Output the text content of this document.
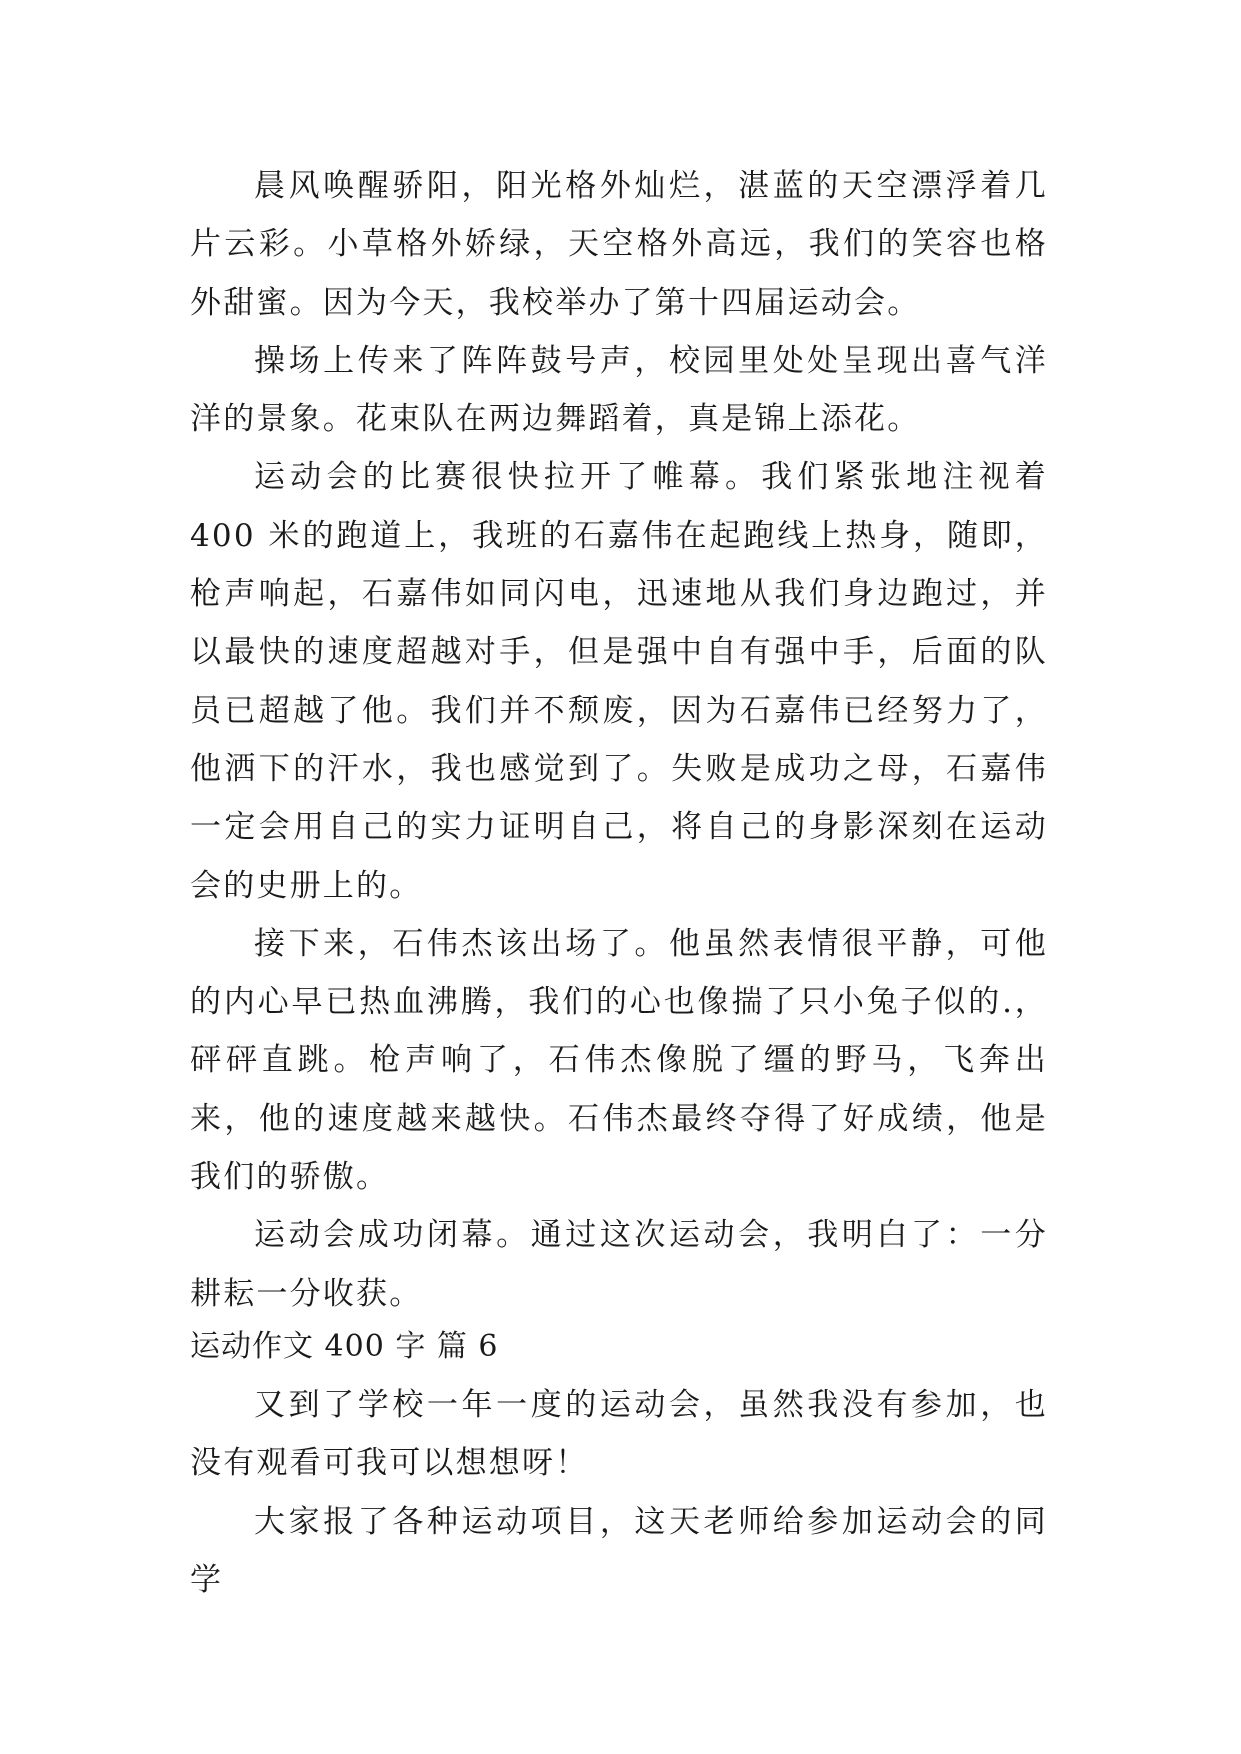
晨风唤醒骄阳，阳光格外灿烂，湛蓝的天空漂浮着几片云彩。小草格外娇绿，天空格外高远，我们的笑容也格外甜蜜。因为今天，我校举办了第十四届运动会。

操场上传来了阵阵鼓号声，校园里处处呈现出喜气洋洋的景象。花束队在两边舞蹈着，真是锦上添花。

运动会的比赛很快拉开了帷幕。我们紧张地注视着 400 米的跑道上，我班的石嘉伟在起跑线上热身，随即，枪声响起，石嘉伟如同闪电，迅速地从我们身边跑过，并以最快的速度超越对手，但是强中自有强中手，后面的队员已超越了他。我们并不颓废，因为石嘉伟已经努力了，他洒下的汗水，我也感觉到了。失败是成功之母，石嘉伟一定会用自己的实力证明自己，将自己的身影深刻在运动会的史册上的。

接下来，石伟杰该出场了。他虽然表情很平静，可他的内心早已热血沸腾，我们的心也像揣了只小兔子似的.，砰砰直跳。枪声响了，石伟杰像脱了缰的野马，飞奔出来，他的速度越来越快。石伟杰最终夺得了好成绩，他是我们的骄傲。

运动会成功闭幕。通过这次运动会，我明白了：一分耕耘一分收获。

运动作文 400 字 篇 6

又到了学校一年一度的运动会，虽然我没有参加，也没有观看可我可以想想呀！

大家报了各种运动项目，这天老师给参加运动会的同学
